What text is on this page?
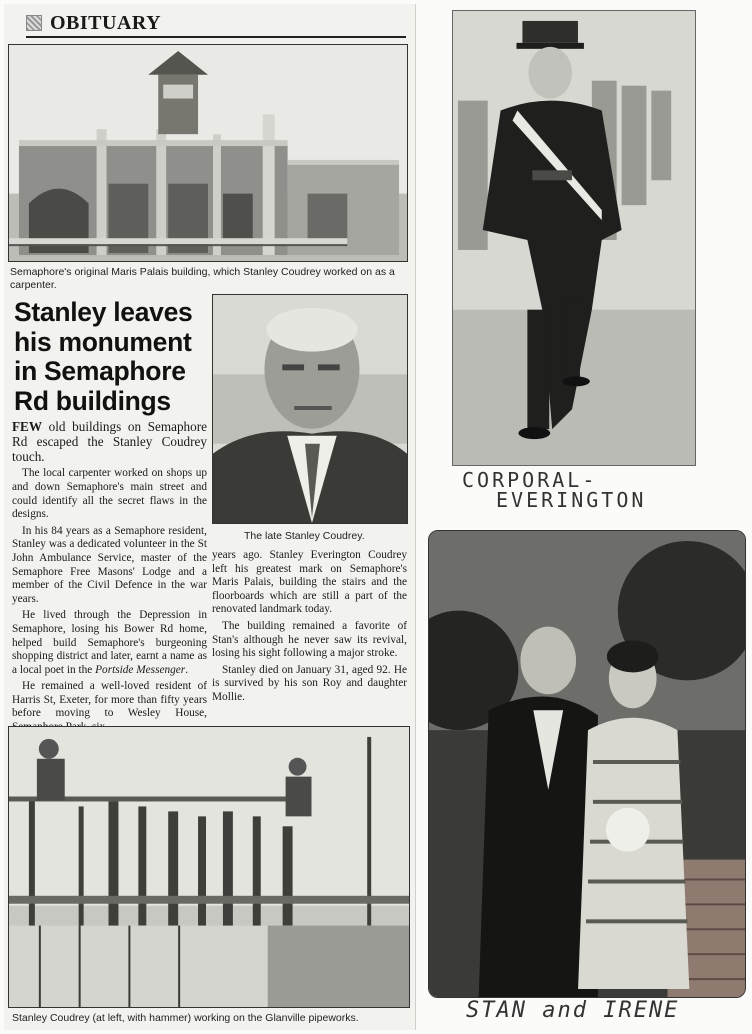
OBITUARY
Semaphore's original Maris Palais building, which Stanley Coudrey worked on as a carpenter.
Stanley leaves his monument in Semaphore Rd buildings
The late Stanley Coudrey.

FEW old buildings on Semaphore Rd escaped the Stanley Coudrey touch.

The local carpenter worked on shops up and down Semaphore's main street and could identify all the secret flaws in the designs.

In his 84 years as a Semaphore resident, Stanley was a dedicated volunteer in the St John Ambulance Service, master of the Semaphore Free Masons' Lodge and a member of the Civil Defence in the war years.

He lived through the Depression in Semaphore, losing his Bower Rd home, helped build Semaphore's burgeoning shopping district and later, earnt a name as a local poet in the Portside Messenger.

He remained a well-loved resident of Harris St, Exeter, for more than fifty years before moving to Wesley House,

years ago. Stanley Everington Coudrey left his greatest mark on Semaphore's Maris Palais, building the stairs and the floorboards which are still a part of the renovated landmark today.

The building remained a favorite of Stan's although he never saw its revival, losing his sight following a major stroke.

Stanley died on January 31, aged 92. He is survived by his son Roy and daughter Mollie.

Stanley Coudrey (at left, with hammer) working on the Glanville pipeworks.
CORPORAL-
EVERINGTON
STAN and IRENE
